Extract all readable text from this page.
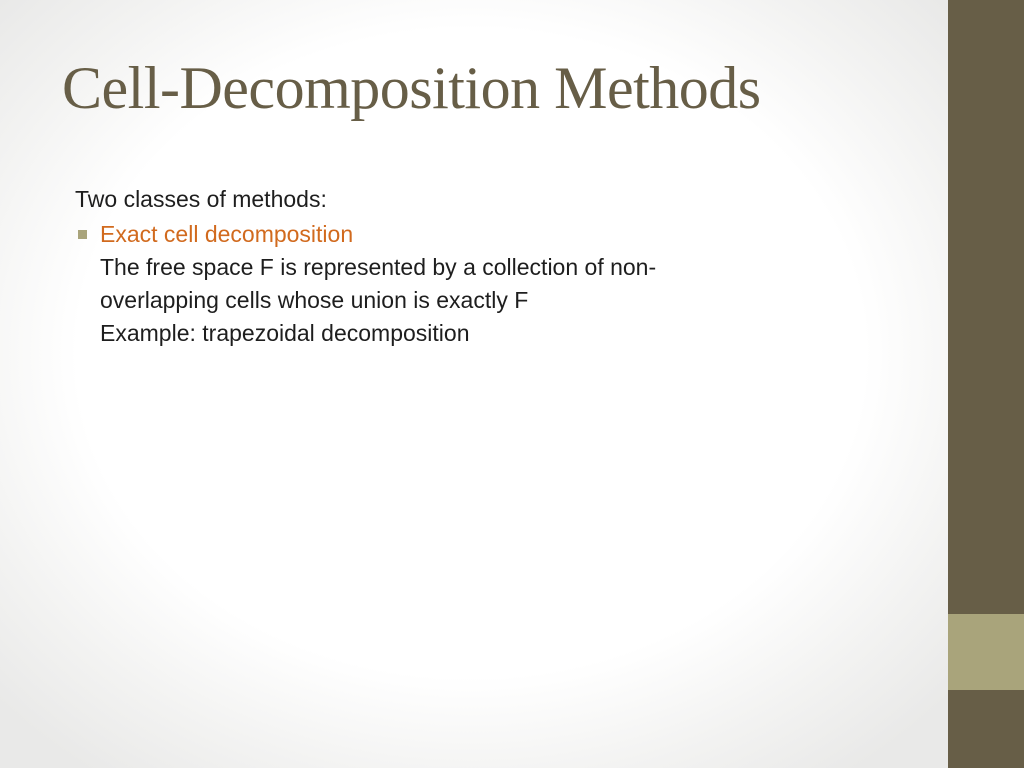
Cell-Decomposition Methods

Two classes of methods:

Exact cell decomposition
The free space F is represented by a collection of non-
overlapping cells whose union is exactly F
Example: trapezoidal decomposition
